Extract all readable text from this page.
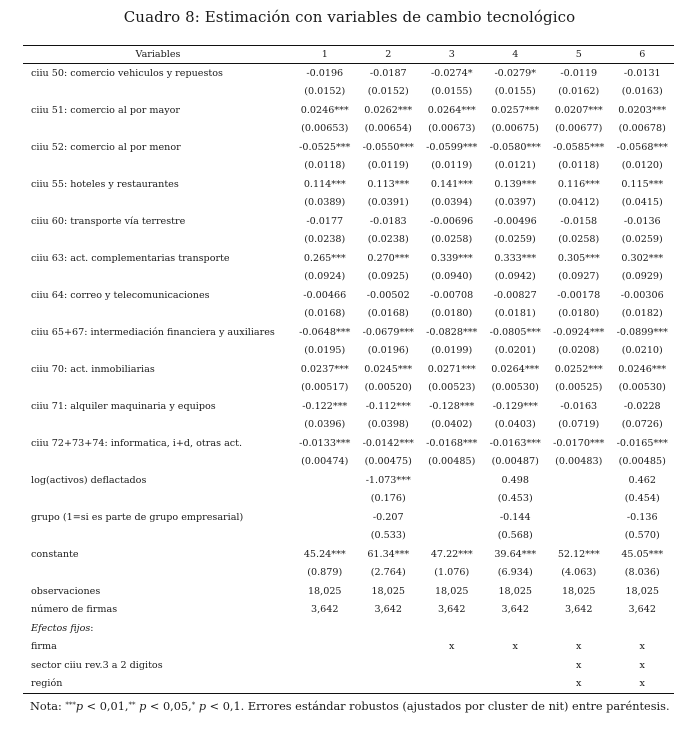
Cuadro 8: Estimación con variables de cambio tecnológico
Variables	1	2	3	4	5	6
ciiu 50: comercio vehiculos y repuestos	-0.0196	-0.0187	-0.0274*	-0.0279*	-0.0119	-0.0131
	(0.0152)	(0.0152)	(0.0155)	(0.0155)	(0.0162)	(0.0163)
ciiu 51: comercio al por mayor	0.0246***	0.0262***	0.0264***	0.0257***	0.0207***	0.0203***
	(0.00653)	(0.00654)	(0.00673)	(0.00675)	(0.00677)	(0.00678)
ciiu 52: comercio al por menor	-0.0525***	-0.0550***	-0.0599***	-0.0580***	-0.0585***	-0.0568***
	(0.0118)	(0.0119)	(0.0119)	(0.0121)	(0.0118)	(0.0120)
ciiu 55: hoteles y restaurantes	0.114***	0.113***	0.141***	0.139***	0.116***	0.115***
	(0.0389)	(0.0391)	(0.0394)	(0.0397)	(0.0412)	(0.0415)
ciiu 60: transporte vía terrestre	-0.0177	-0.0183	-0.00696	-0.00496	-0.0158	-0.0136
	(0.0238)	(0.0238)	(0.0258)	(0.0259)	(0.0258)	(0.0259)
ciiu 63: act. complementarias transporte	0.265***	0.270***	0.339***	0.333***	0.305***	0.302***
	(0.0924)	(0.0925)	(0.0940)	(0.0942)	(0.0927)	(0.0929)
ciiu 64: correo y telecomunicaciones	-0.00466	-0.00502	-0.00708	-0.00827	-0.00178	-0.00306
	(0.0168)	(0.0168)	(0.0180)	(0.0181)	(0.0180)	(0.0182)
ciiu 65+67: intermediación financiera y auxiliares	-0.0648***	-0.0679***	-0.0828***	-0.0805***	-0.0924***	-0.0899***
	(0.0195)	(0.0196)	(0.0199)	(0.0201)	(0.0208)	(0.0210)
ciiu 70: act. inmobiliarias	0.0237***	0.0245***	0.0271***	0.0264***	0.0252***	0.0246***
	(0.00517)	(0.00520)	(0.00523)	(0.00530)	(0.00525)	(0.00530)
ciiu 71: alquiler maquinaria y equipos	-0.122***	-0.112***	-0.128***	-0.129***	-0.0163	-0.0228
	(0.0396)	(0.0398)	(0.0402)	(0.0403)	(0.0719)	(0.0726)
ciiu 72+73+74: informatica, i+d, otras act.	-0.0133***	-0.0142***	-0.0168***	-0.0163***	-0.0170***	-0.0165***
	(0.00474)	(0.00475)	(0.00485)	(0.00487)	(0.00483)	(0.00485)
log(activos) deflactados		-1.073***		0.498		0.462
		(0.176)		(0.453)		(0.454)
grupo (1=si es parte de grupo empresarial)		-0.207		-0.144		-0.136
		(0.533)		(0.568)		(0.570)
constante	45.24***	61.34***	47.22***	39.64***	52.12***	45.05***
	(0.879)	(2.764)	(1.076)	(6.934)	(4.063)	(8.036)
observaciones	18,025	18,025	18,025	18,025	18,025	18,025
número de firmas	3,642	3,642	3,642	3,642	3,642	3,642
Efectos fijos:						
firma			x	x	x	x
sector ciiu rev.3 a 2 digitos					x	x
región					x	x
Nota: ***p < 0,01,** p < 0,05,* p < 0,1. Errores estándar robustos (ajustados por cluster de nit) entre paréntesis.
